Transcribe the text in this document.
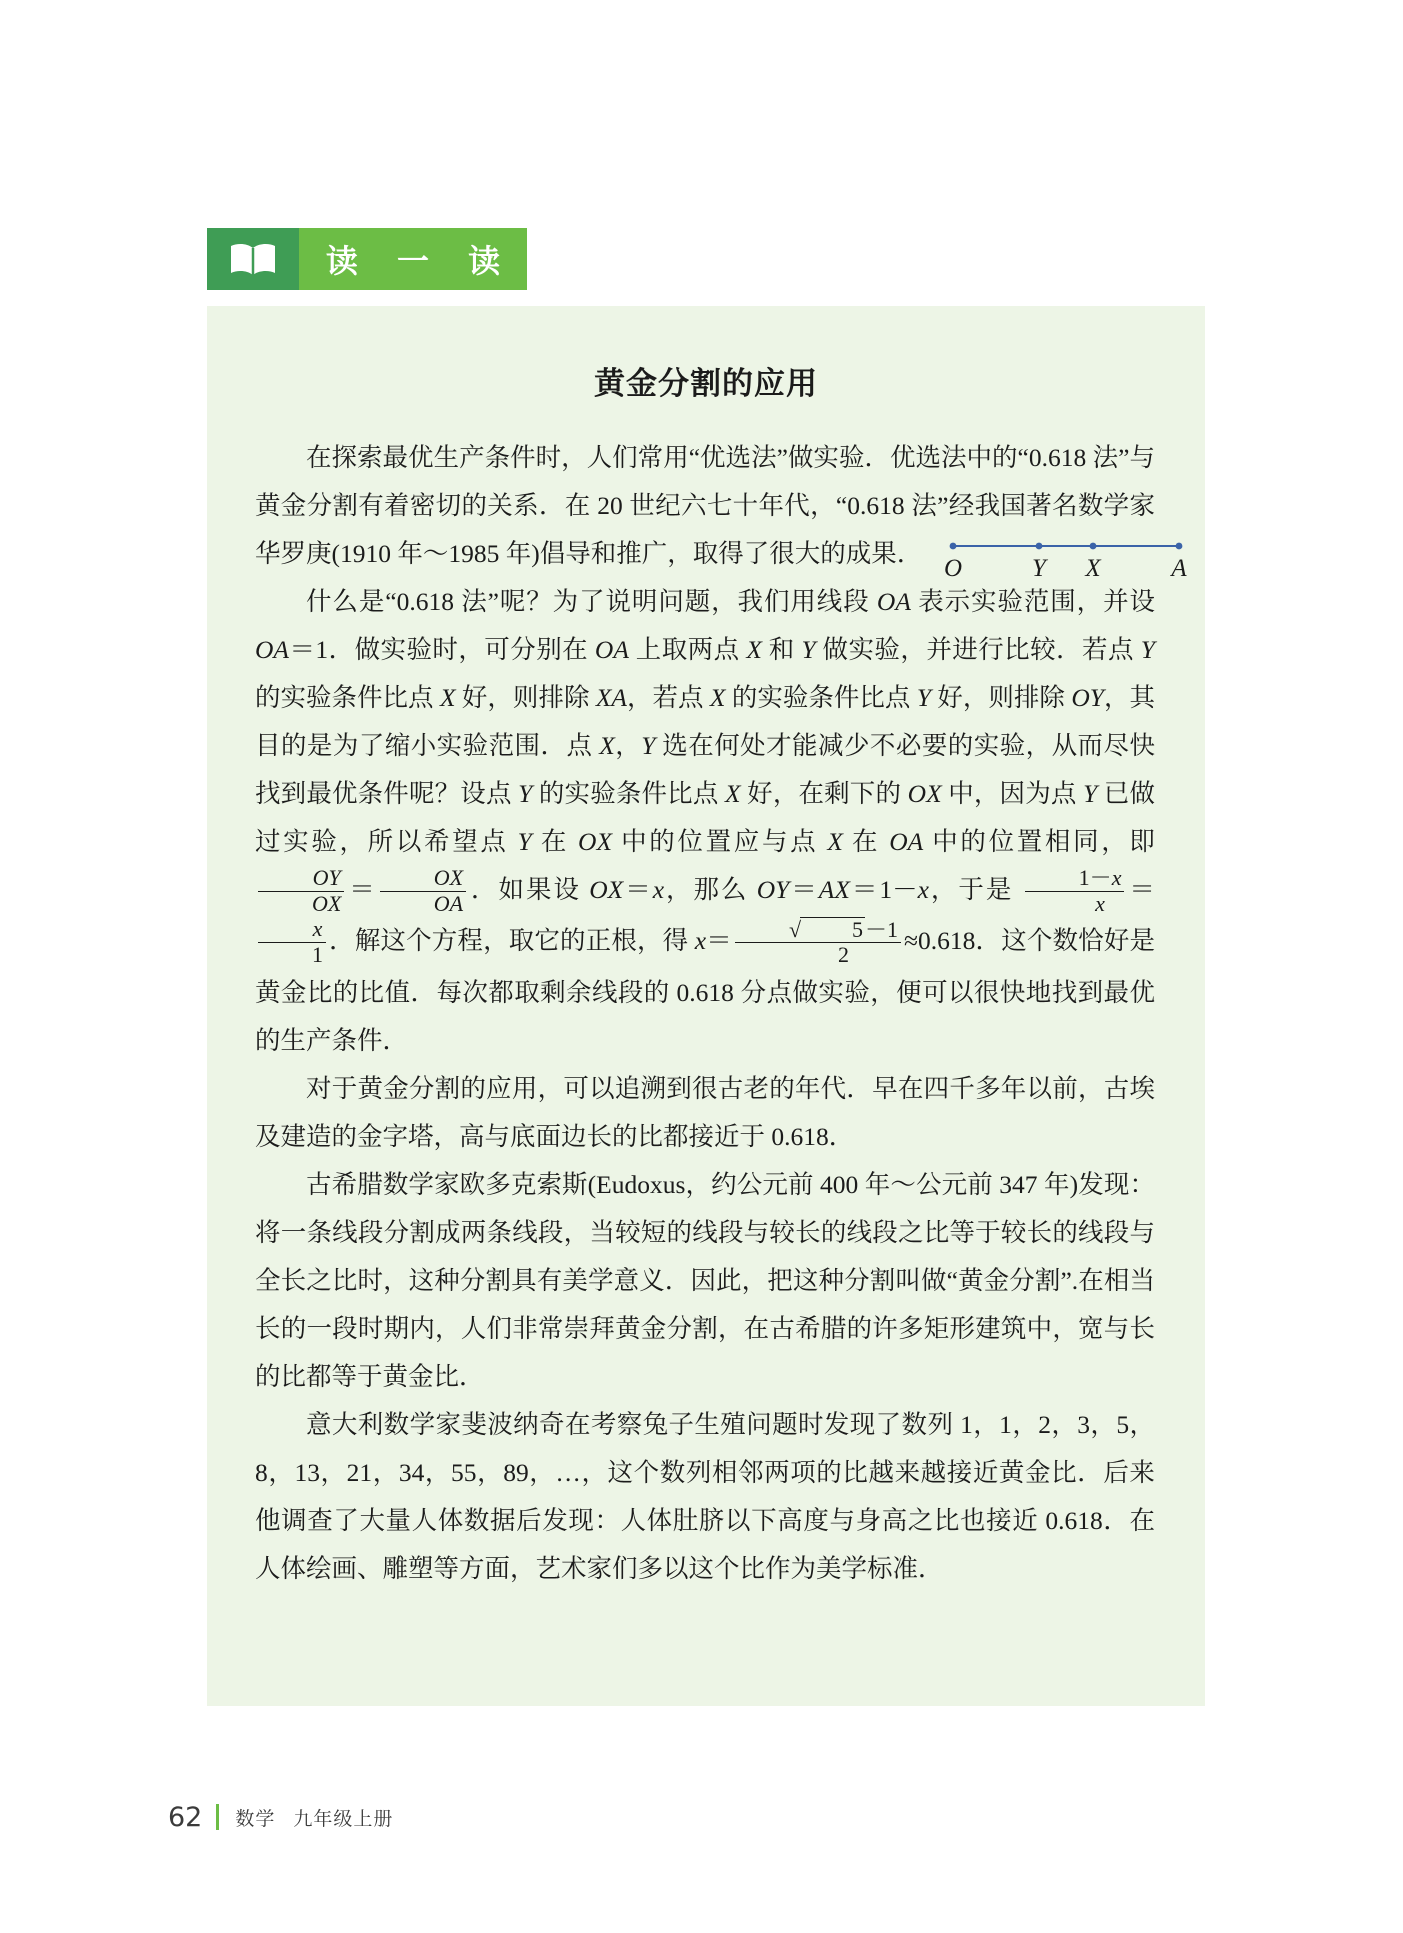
读 一 读
黄金分割的应用
O	Y X	A

在探索最优生产条件时，人们常用“优选法”做实验．优选法中的“0.618 法”与黄金分割有着密切的关系．在 20 世纪六七十年代，“0.618 法”经我国著名数学家华罗庚(1910 年～1985 年)倡导和推广，取得了很大的成果．

什么是“0.618 法”呢？为了说明问题，我们用线段 OA 表示实验范围，并设 OA＝1．做实验时，可分别在 OA 上取两点 X 和 Y 做实验，并进行比较．若点 Y 的实验条件比点 X 好，则排除 XA，若点 X 的实验条件比点 Y 好，则排除 OY，其目的是为了缩小实验范围．点 X，Y 选在何处才能减少不必要的实验，从而尽快找到最优条件呢？设点 Y 的实验条件比点 X 好，在剩下的 OX 中，因为点 Y 已做过实验，所以希望点 Y 在 OX 中的位置应与点 X 在 OA 中的位置相同，即
$\frac{OY}{OX} = \frac{OX}{OA}$ ．如果设 OX＝x，那么 OY＝AX＝1－x，于是 $\frac{1-x}{x}$ ＝
$\frac{x}{1}$ ．解这个方程，取它的正根，得 $x= \frac{√ 5-1}{2} \approx 0.618$．这个数恰好是黄金比的比值．每次都取剩余线段的 0.618 分点做实验，便可以很快地找到最优的生产条件．

对于黄金分割的应用，可以追溯到很古老的年代．早在四千多年以前，古埃及建造的金字塔，高与底面边长的比都接近于 0.618．

古希腊数学家欧多克索斯(Eudoxus，约公元前 400 年～公元前 347 年)发现：将一条线段分割成两条线段，当较短的线段与较长的线段之比等于较长的线段与全长之比时，这种分割具有美学意义．因此，把这种分割叫做“黄金分割”.在相当长的一段时期内，人们非常崇拜黄金分割，在古希腊的许多矩形建筑中，宽与长的比都等于黄金比．

意大利数学家斐波纳奇在考察兔子生殖问题时发现了数列 1，1，2，3，5，8，13，21，34，55，89，…，这个数列相邻两项的比越来越接近黄金比．后来他调查了大量人体数据后发现：人体肚脐以下高度与身高之比也接近 0.618．在人体绘画、雕塑等方面，艺术家们多以这个比作为美学标准．

62 数学 九年级上册
